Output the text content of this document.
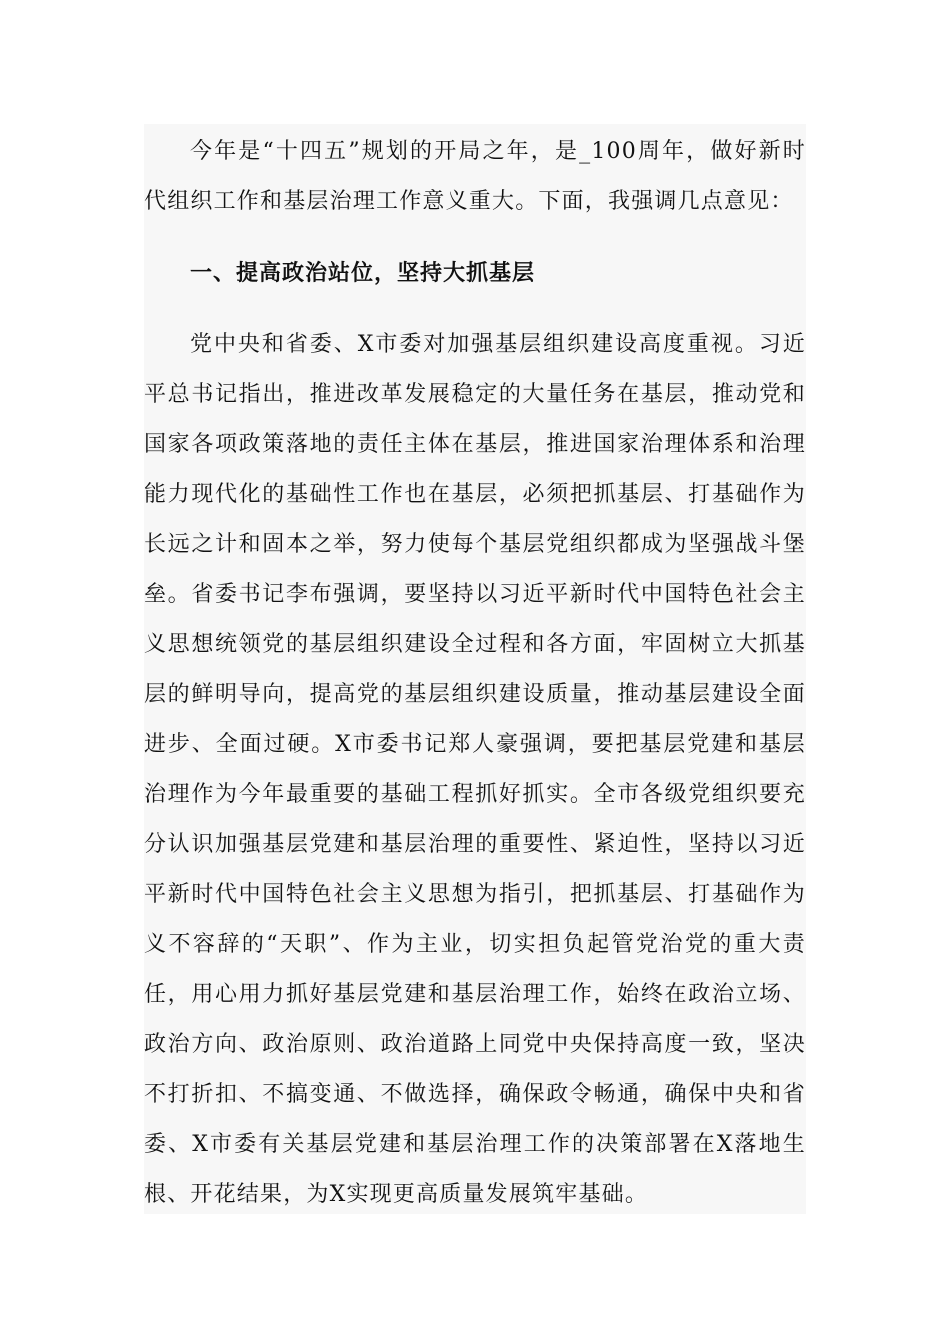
今年是“十四五”规划的开局之年，是_100周年，做好新时代组织工作和基层治理工作意义重大。下面，我强调几点意见：

一、提高政治站位，坚持大抓基层

党中央和省委、X市委对加强基层组织建设高度重视。习近平总书记指出，推进改革发展稳定的大量任务在基层，推动党和国家各项政策落地的责任主体在基层，推进国家治理体系和治理能力现代化的基础性工作也在基层，必须把抓基层、打基础作为长远之计和固本之举，努力使每个基层党组织都成为坚强战斗堡垒。省委书记李布强调，要坚持以习近平新时代中国特色社会主义思想统领党的基层组织建设全过程和各方面，牢固树立大抓基层的鲜明导向，提高党的基层组织建设质量，推动基层建设全面进步、全面过硬。X市委书记郑人豪强调，要把基层党建和基层治理作为今年最重要的基础工程抓好抓实。全市各级党组织要充分认识加强基层党建和基层治理的重要性、紧迫性，坚持以习近平新时代中国特色社会主义思想为指引，把抓基层、打基础作为义不容辞的“天职”、作为主业，切实担负起管党治党的重大责任，用心用力抓好基层党建和基层治理工作，始终在政治立场、政治方向、政治原则、政治道路上同党中央保持高度一致，坚决不打折扣、不搞变通、不做选择，确保政令畅通，确保中央和省委、X市委有关基层党建和基层治理工作的决策部署在X落地生根、开花结果，为X实现更高质量发展筑牢基础。
